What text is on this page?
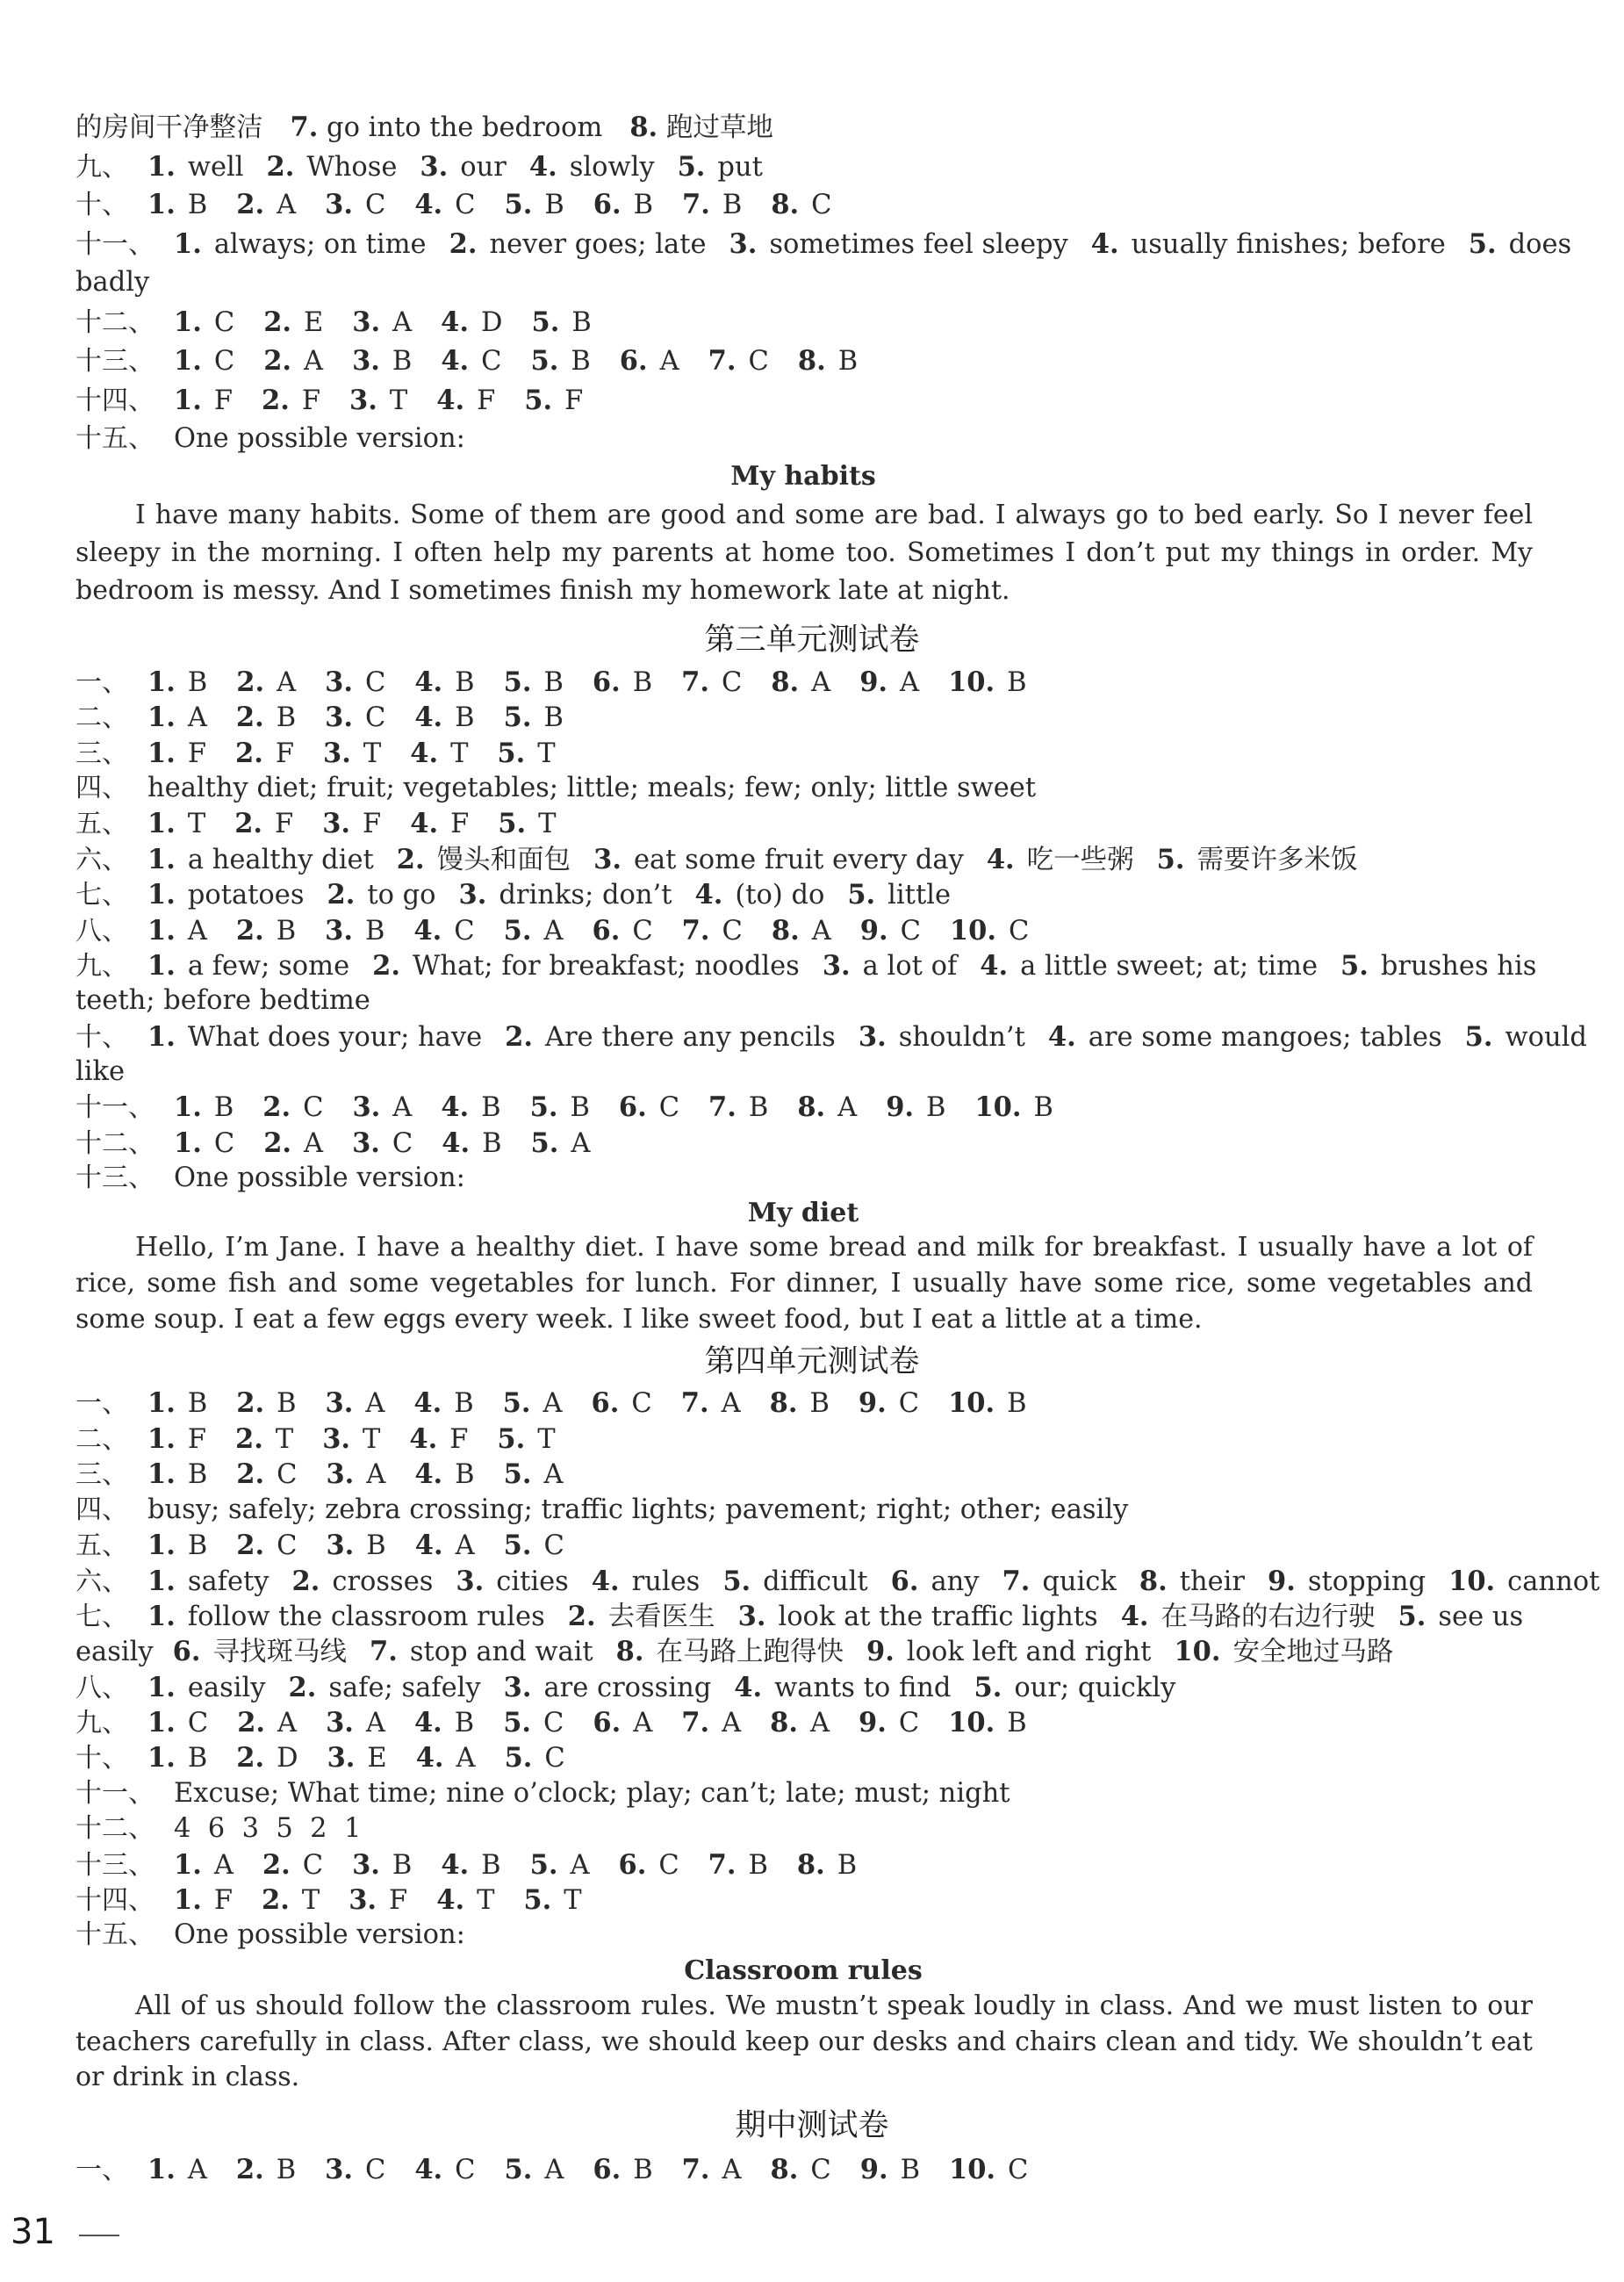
的房间干净整洁 7. go into the bedroom 8. 跑过草地
九、 1. well 2. Whose 3. our 4. slowly 5. put
十、 1. B 2. A 3. C 4. C 5. B 6. B 7. B 8. C
十一、 1. always; on time 2. never goes; late 3. sometimes feel sleepy 4. usually finishes; before 5. does
badly
十二、 1. C 2. E 3. A 4. D 5. B
十三、 1. C 2. A 3. B 4. C 5. B 6. A 7. C 8. B
十四、 1. F 2. F 3. T 4. F 5. F
十五、 One possible version:
My habits
I have many habits. Some of them are good and some are bad. I always go to bed early. So I never feel sleepy in the morning. I often help my parents at home too. Sometimes I don’t put my things in order. My bedroom is messy. And I sometimes finish my homework late at night.
第三单元测试卷
一、 1. B 2. A 3. C 4. B 5. B 6. B 7. C 8. A 9. A 10. B
二、 1. A 2. B 3. C 4. B 5. B
三、 1. F 2. F 3. T 4. T 5. T
四、 healthy diet; fruit; vegetables; little; meals; few; only; little sweet
五、 1. T 2. F 3. F 4. F 5. T
六、 1. a healthy diet 2. 馒头和面包 3. eat some fruit every day 4. 吃一些粥 5. 需要许多米饭
七、 1. potatoes 2. to go 3. drinks; don’t 4. (to) do 5. little
八、 1. A 2. B 3. B 4. C 5. A 6. C 7. C 8. A 9. C 10. C
九、 1. a few; some 2. What; for breakfast; noodles 3. a lot of 4. a little sweet; at; time 5. brushes his
teeth; before bedtime
十、 1. What does your; have 2. Are there any pencils 3. shouldn’t 4. are some mangoes; tables 5. would
like
十一、 1. B 2. C 3. A 4. B 5. B 6. C 7. B 8. A 9. B 10. B
十二、 1. C 2. A 3. C 4. B 5. A
十三、 One possible version:
My diet
Hello, I’m Jane. I have a healthy diet. I have some bread and milk for breakfast. I usually have a lot of rice, some fish and some vegetables for lunch. For dinner, I usually have some rice, some vegetables and some soup. I eat a few eggs every week. I like sweet food, but I eat a little at a time.
第四单元测试卷
一、 1. B 2. B 3. A 4. B 5. A 6. C 7. A 8. B 9. C 10. B
二、 1. F 2. T 3. T 4. F 5. T
三、 1. B 2. C 3. A 4. B 5. A
四、 busy; safely; zebra crossing; traffic lights; pavement; right; other; easily
五、 1. B 2. C 3. B 4. A 5. C
六、 1. safety 2. crosses 3. cities 4. rules 5. difficult 6. any 7. quick 8. their 9. stopping 10. cannot
七、 1. follow the classroom rules 2. 去看医生 3. look at the traffic lights 4. 在马路的右边行驶 5. see us
easily 6. 寻找斑马线 7. stop and wait 8. 在马路上跑得快 9. look left and right 10. 安全地过马路
八、 1. easily 2. safe; safely 3. are crossing 4. wants to find 5. our; quickly
九、 1. C 2. A 3. A 4. B 5. C 6. A 7. A 8. A 9. C 10. B
十、 1. B 2. D 3. E 4. A 5. C
十一、 Excuse; What time; nine o’clock; play; can’t; late; must; night
十二、 4  6  3  5  2  1
十三、 1. A 2. C 3. B 4. B 5. A 6. C 7. B 8. B
十四、 1. F 2. T 3. F 4. T 5. T
十五、 One possible version:
Classroom rules
All of us should follow the classroom rules. We mustn’t speak loudly in class. And we must listen to our teachers carefully in class. After class, we should keep our desks and chairs clean and tidy. We shouldn’t eat or drink in class.
期中测试卷
一、 1. A 2. B 3. C 4. C 5. A 6. B 7. A 8. C 9. B 10. C
31
